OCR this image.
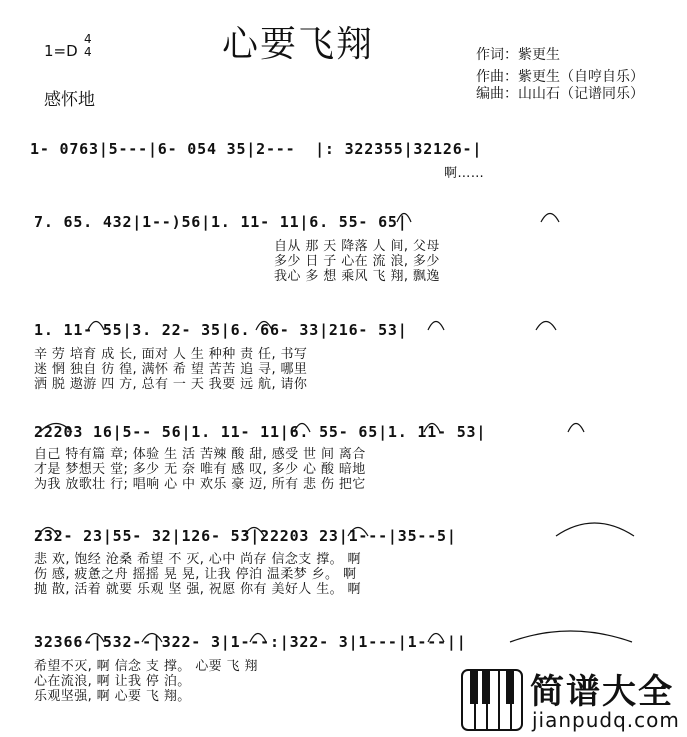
心要飞翔
1=D
4
4
感怀地
作词：紫更生
作曲：紫更生（自哼自乐）
编曲：山山石（记谱同乐）
1- 0763|5---|6- 054 35|2---  |: 322355|32126-|
啊……
7. 65. 432|1--)56|1. 11- 11|6. 55- 65|
自从 那 天 降落 人 间, 父母
多少 日 子 心在 流 浪, 多少
我心 多 想 乘风 飞 翔, 飘逸
1. 11- 55|3. 22- 35|6. 66- 33|216- 53|
辛 劳 培育 成 长, 面对 人 生 种种 责 任, 书写
迷 惘 独自 彷 徨, 满怀 希 望 苦苦 追 寻, 哪里
洒 脱 遨游 四 方, 总有 一 天 我要 远 航, 请你
22203 16|5-- 56|1. 11- 11|6. 55- 65|1. 11- 53|
自己 特有篇 章; 体验 生 活 苦辣 酸 甜, 感受 世 间 离合
才是 梦想天 堂; 多少 无 奈 唯有 感 叹, 多少 心 酸 暗地
为我 放歌壮 行; 唱响 心 中 欢乐 豪 迈, 所有 悲 伤 把它
232- 23|55- 32|126- 53|22203 23|1---|35--5|
悲 欢, 饱经 沧桑 希望 不 灭, 心中 尚存 信念支 撑。 啊
伤 感, 疲惫之舟 摇摇 晃 晃, 让我 停泊 温柔梦 乡。 啊
抛 散, 活着 就要 乐观 坚 强, 祝愿 你有 美好人 生。 啊
32366-|532--|322- 3|1---:|322- 3|1---|1---||
希望不灭, 啊 信念 支 撑。 心要 飞 翔
心在流浪, 啊 让我 停 泊。
乐观坚强, 啊 心要 飞 翔。	简谱大全
jianpudq.com
